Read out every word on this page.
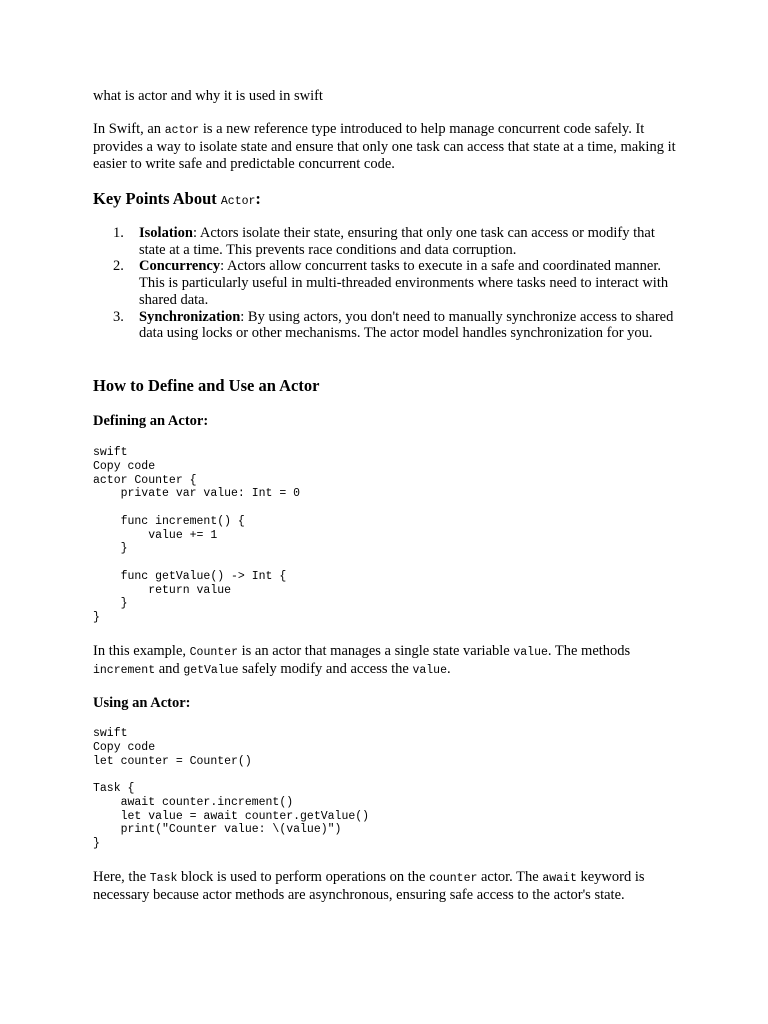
what is actor and why it is used in swift

In Swift, an actor is a new reference type introduced to help manage concurrent code safely. It provides a way to isolate state and ensure that only one task can access that state at a time, making it easier to write safe and predictable concurrent code.

Key Points About Actor:
1. Isolation: Actors isolate their state, ensuring that only one task can access or modify that state at a time. This prevents race conditions and data corruption.
2. Concurrency: Actors allow concurrent tasks to execute in a safe and coordinated manner. This is particularly useful in multi-threaded environments where tasks need to interact with shared data.
3. Synchronization: By using actors, you don't need to manually synchronize access to shared data using locks or other mechanisms. The actor model handles synchronization for you.
How to Define and Use an Actor
Defining an Actor:
swift
Copy code
actor Counter {
private var value: Int = 0

func increment() {
value += 1
}

func getValue() -> Int {
return value
}
}

In this example, Counter is an actor that manages a single state variable value. The methods increment and getValue safely modify and access the value.

Using an Actor:
swift
Copy code
let counter = Counter()

Task {
await counter.increment()
let value = await counter.getValue()
print("Counter value: \(value)")
}

Here, the Task block is used to perform operations on the counter actor. The await keyword is necessary because actor methods are asynchronous, ensuring safe access to the actor's state.
